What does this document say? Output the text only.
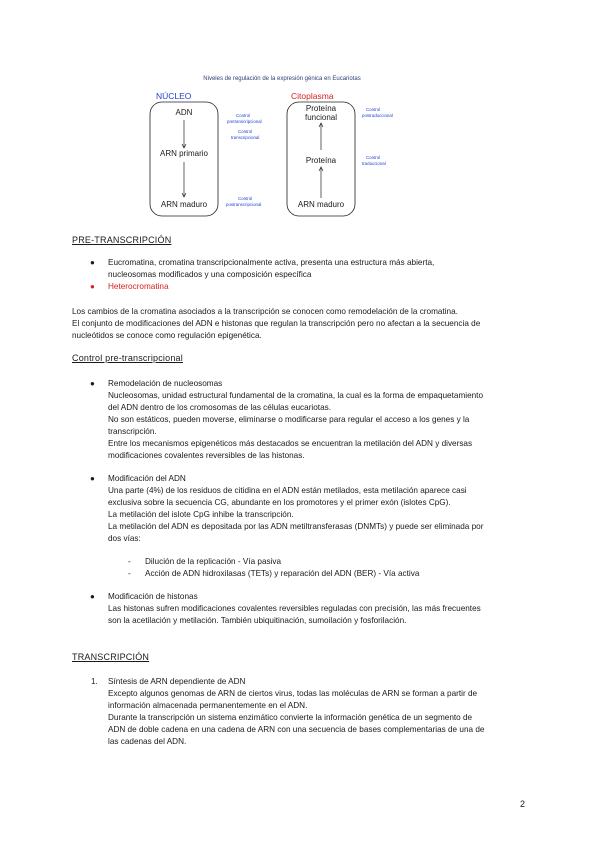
Niveles de regulación de la expresión génica en Eucariotas
NÚCLEO	Citoplasma
ADN
ARN primario
ARN maduro
Proteína funcional
Proteína
ARN maduro
Control pretranscripcional
Control transcripcional
Control postranscripcional
Control postraduccional
Control traduccional
PRE-TRANSCRIPCIÓN
● Eucromatina, cromatina transcripcionalmente activa, presenta una estructura más abierta,
nucleosomas modificados y una composición específica
● Heterocromatina
Los cambios de la cromatina asociados a la transcripción se conocen como remodelación de la cromatina.
El conjunto de modificaciones del ADN e histonas que regulan la transcripción pero no afectan a la secuencia de
nucleótidos se conoce como regulación epigenética.
Control pre-transcripcional
● Remodelación de nucleosomas
Nucleosomas, unidad estructural fundamental de la cromatina, la cual es la forma de empaquetamiento
del ADN dentro de los cromosomas de las células eucariotas.
No son estáticos, pueden moverse, eliminarse o modificarse para regular el acceso a los genes y la
transcripción.
Entre los mecanismos epigenéticos más destacados se encuentran la metilación del ADN y diversas
modificaciones covalentes reversibles de las histonas.
● Modificación del ADN
Una parte (4%) de los residuos de citidina en el ADN están metilados, esta metilación aparece casi
exclusiva sobre la secuencia CG, abundante en los promotores y el primer exón (islotes CpG).
La metilación del islote CpG inhibe la transcripción.
La metilación del ADN es depositada por las ADN metiltransferasas (DNMTs) y puede ser eliminada por
dos vías:
- Dilución de la replicación - Vía pasiva
- Acción de ADN hidroxilasas (TETs) y reparación del ADN (BER) - Vía activa
● Modificación de histonas
Las histonas sufren modificaciones covalentes reversibles reguladas con precisión, las más frecuentes
son la acetilación y metilación. También ubiquitinación, sumoilación y fosforilación.
TRANSCRIPCIÓN
1. Síntesis de ARN dependiente de ADN
Excepto algunos genomas de ARN de ciertos virus, todas las moléculas de ARN se forman a partir de
información almacenada permanentemente en el ADN.
Durante la transcripción un sistema enzimático convierte la información genética de un segmento de
ADN de doble cadena en una cadena de ARN con una secuencia de bases complementarias de una de
las cadenas del ADN.
2
